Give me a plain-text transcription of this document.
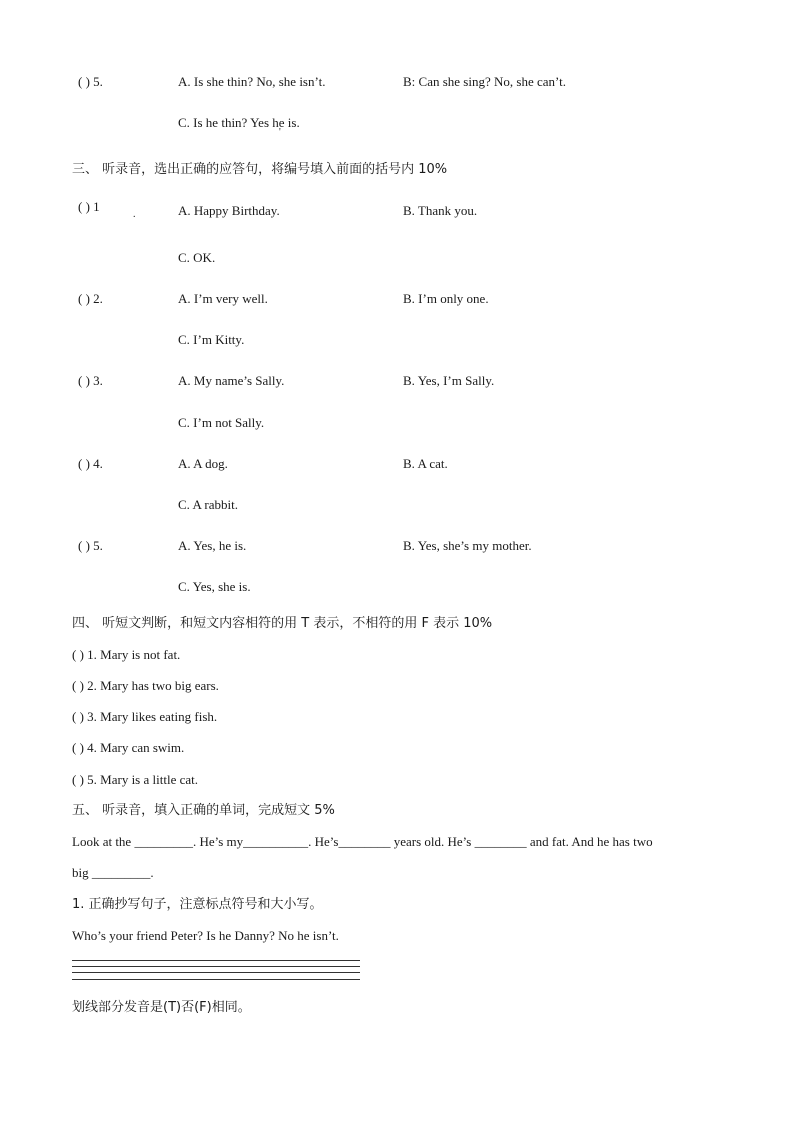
( ) 5.	A. Is she thin? No, she isn’t.	B: Can she sing? No, she can’t.
C. Is he thin? Yes he is.
'
三、 听录音，选出正确的应答句，将编号填入前面的括号内 10%
( ) 1
.	A. Happy Birthday.	B. Thank you.
C. OK.
( ) 2.	A. I’m very well.	B. I’m only one.
C. I’m Kitty.
( ) 3.	A. My name’s Sally.	B. Yes, I’m Sally.
C. I’m not Sally.
( ) 4.	A. A dog.	B. A cat.
C. A rabbit.
( ) 5.	A. Yes, he is.	B. Yes, she’s my mother.
C. Yes, she is.
四、 听短文判断，和短文内容相符的用 T 表示，不相符的用 F 表示 10%
( ) 1. Mary is not fat.
( ) 2. Mary has two big ears.
( ) 3. Mary likes eating fish.
( ) 4. Mary can swim.
( ) 5. Mary is a little cat.
五、 听录音，填入正确的单词，完成短文 5%
Look at the _________. He’s my__________. He’s________ years old. He’s ________ and fat. And he has two
big _________.
1. 正确抄写句子，注意标点符号和大小写。
Who’s your friend Peter? Is he Danny? No he isn’t.
划线部分发音是(T)否(F)相同。
